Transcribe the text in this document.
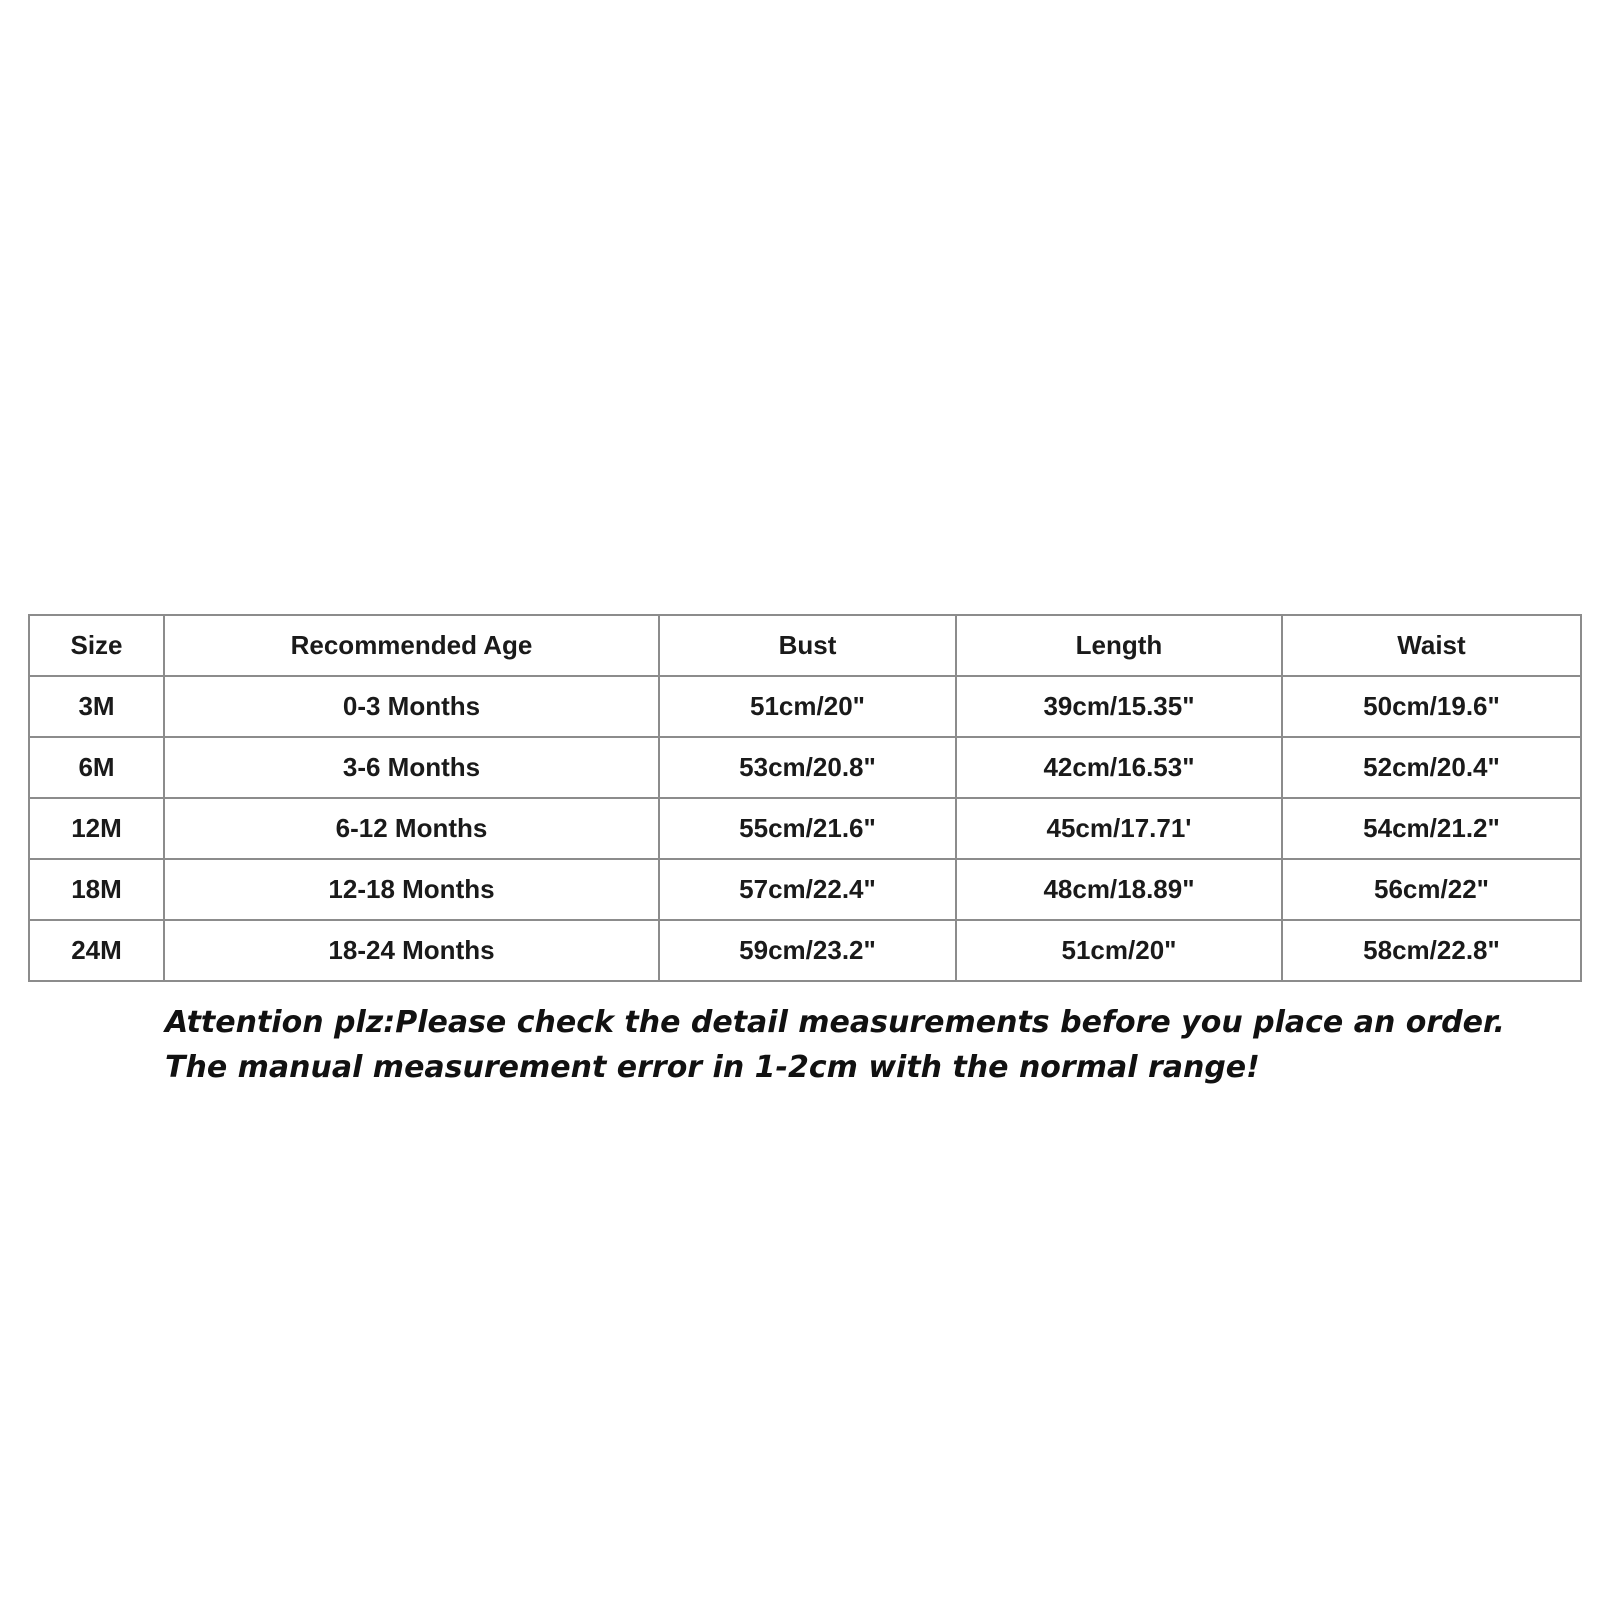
Size	Recommended Age	Bust	Length	Waist
3M	0-3 Months	51cm/20"	39cm/15.35"	50cm/19.6"
6M	3-6 Months	53cm/20.8"	42cm/16.53"	52cm/20.4"
12M	6-12 Months	55cm/21.6"	45cm/17.71'	54cm/21.2"
18M	12-18 Months	57cm/22.4"	48cm/18.89"	56cm/22"
24M	18-24 Months	59cm/23.2"	51cm/20"	58cm/22.8"
Attention plz:Please check the detail measurements before you place an order.
The manual measurement error in 1-2cm with the normal range!
